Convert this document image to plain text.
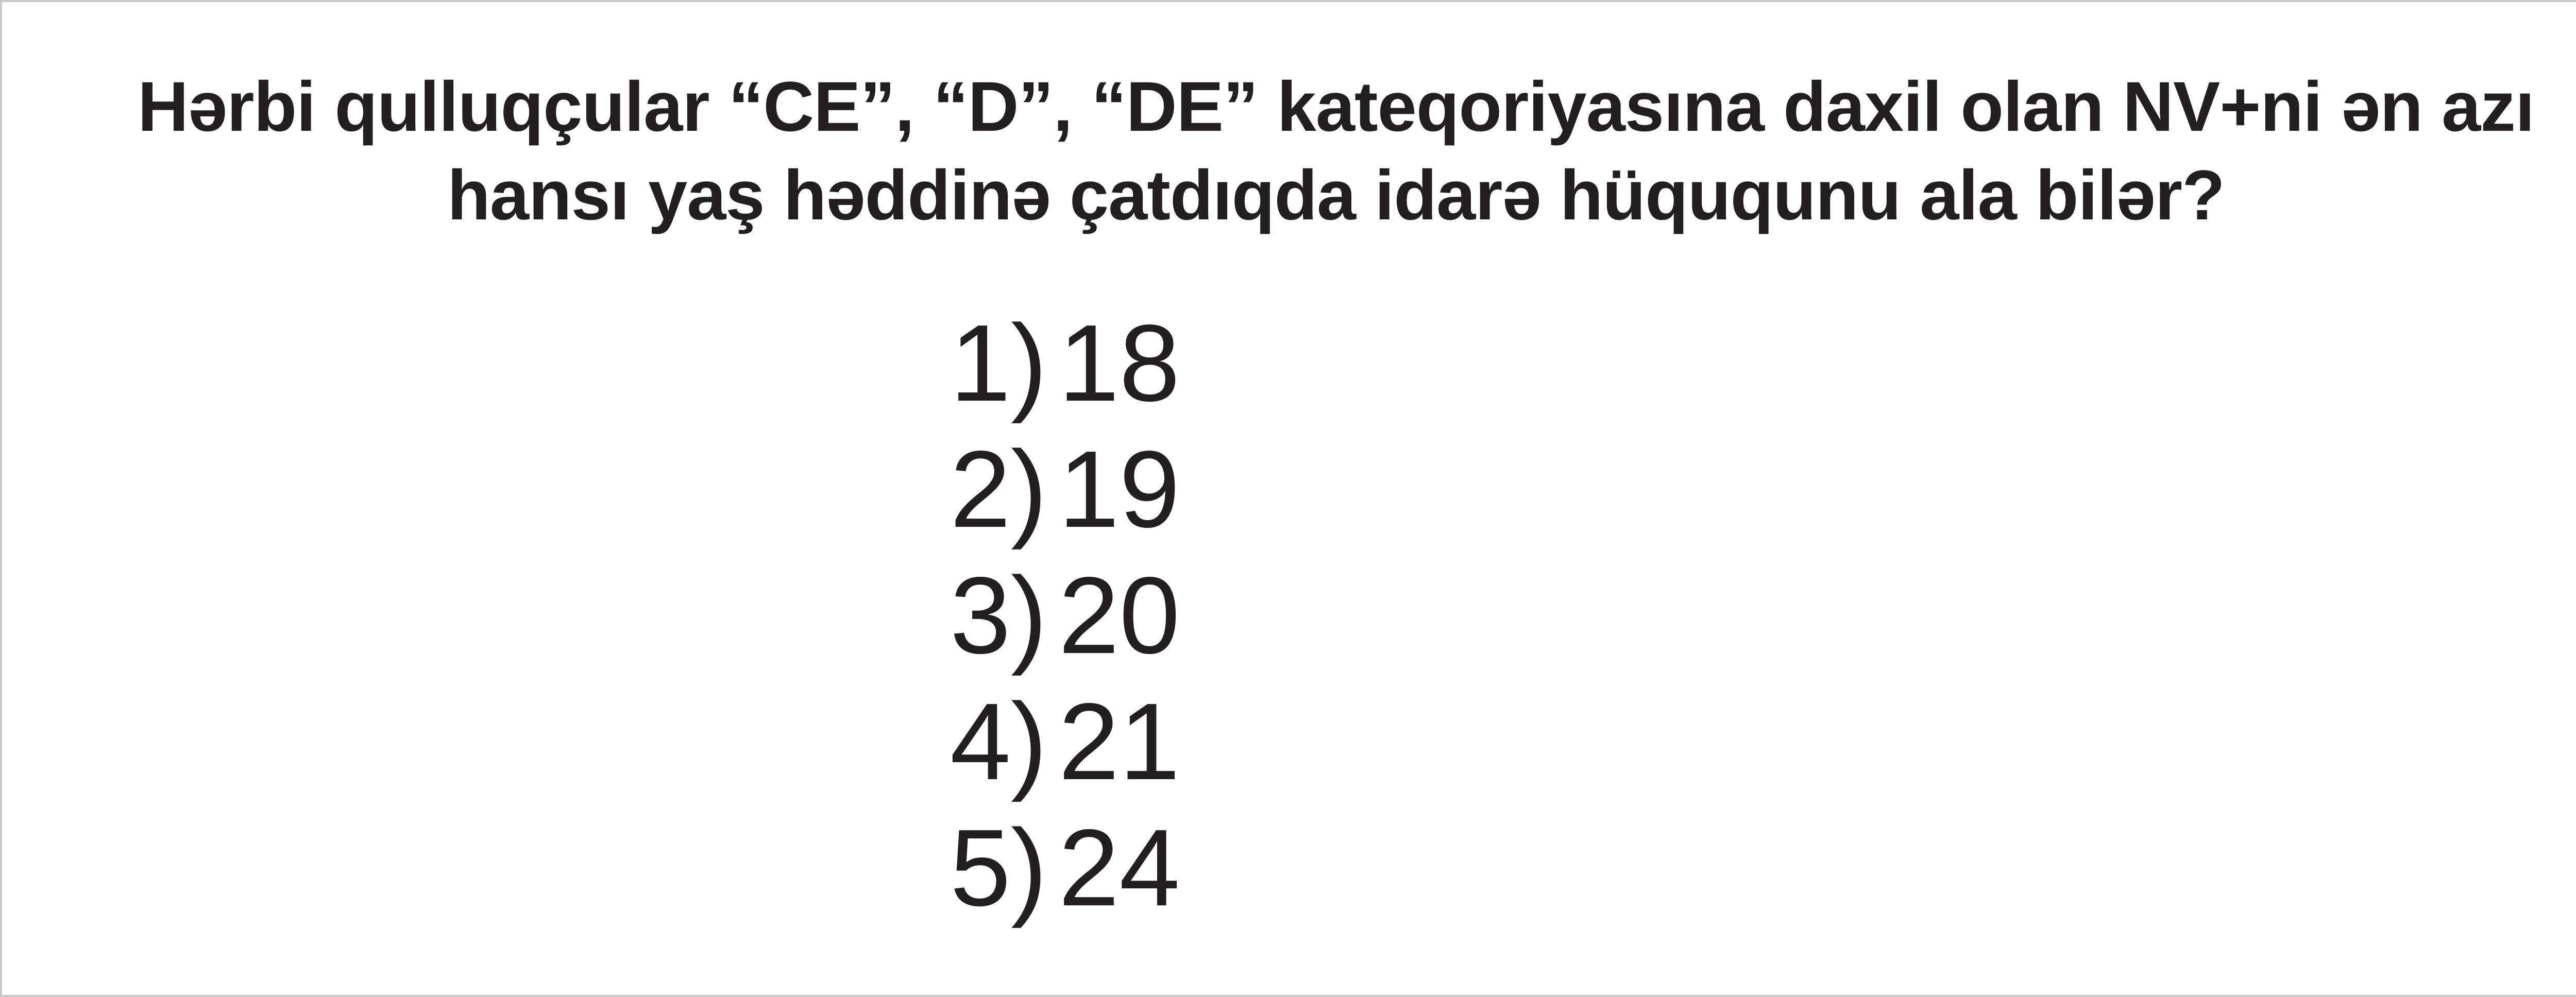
Hərbi qulluqçular “CE”, “D”, “DE” kateqoriyasına daxil olan NV+ni ən azı
hansı yaş həddinə çatdıqda idarə hüququnu ala bilər?
1) 18
2) 19
3) 20
4) 21
5) 24
